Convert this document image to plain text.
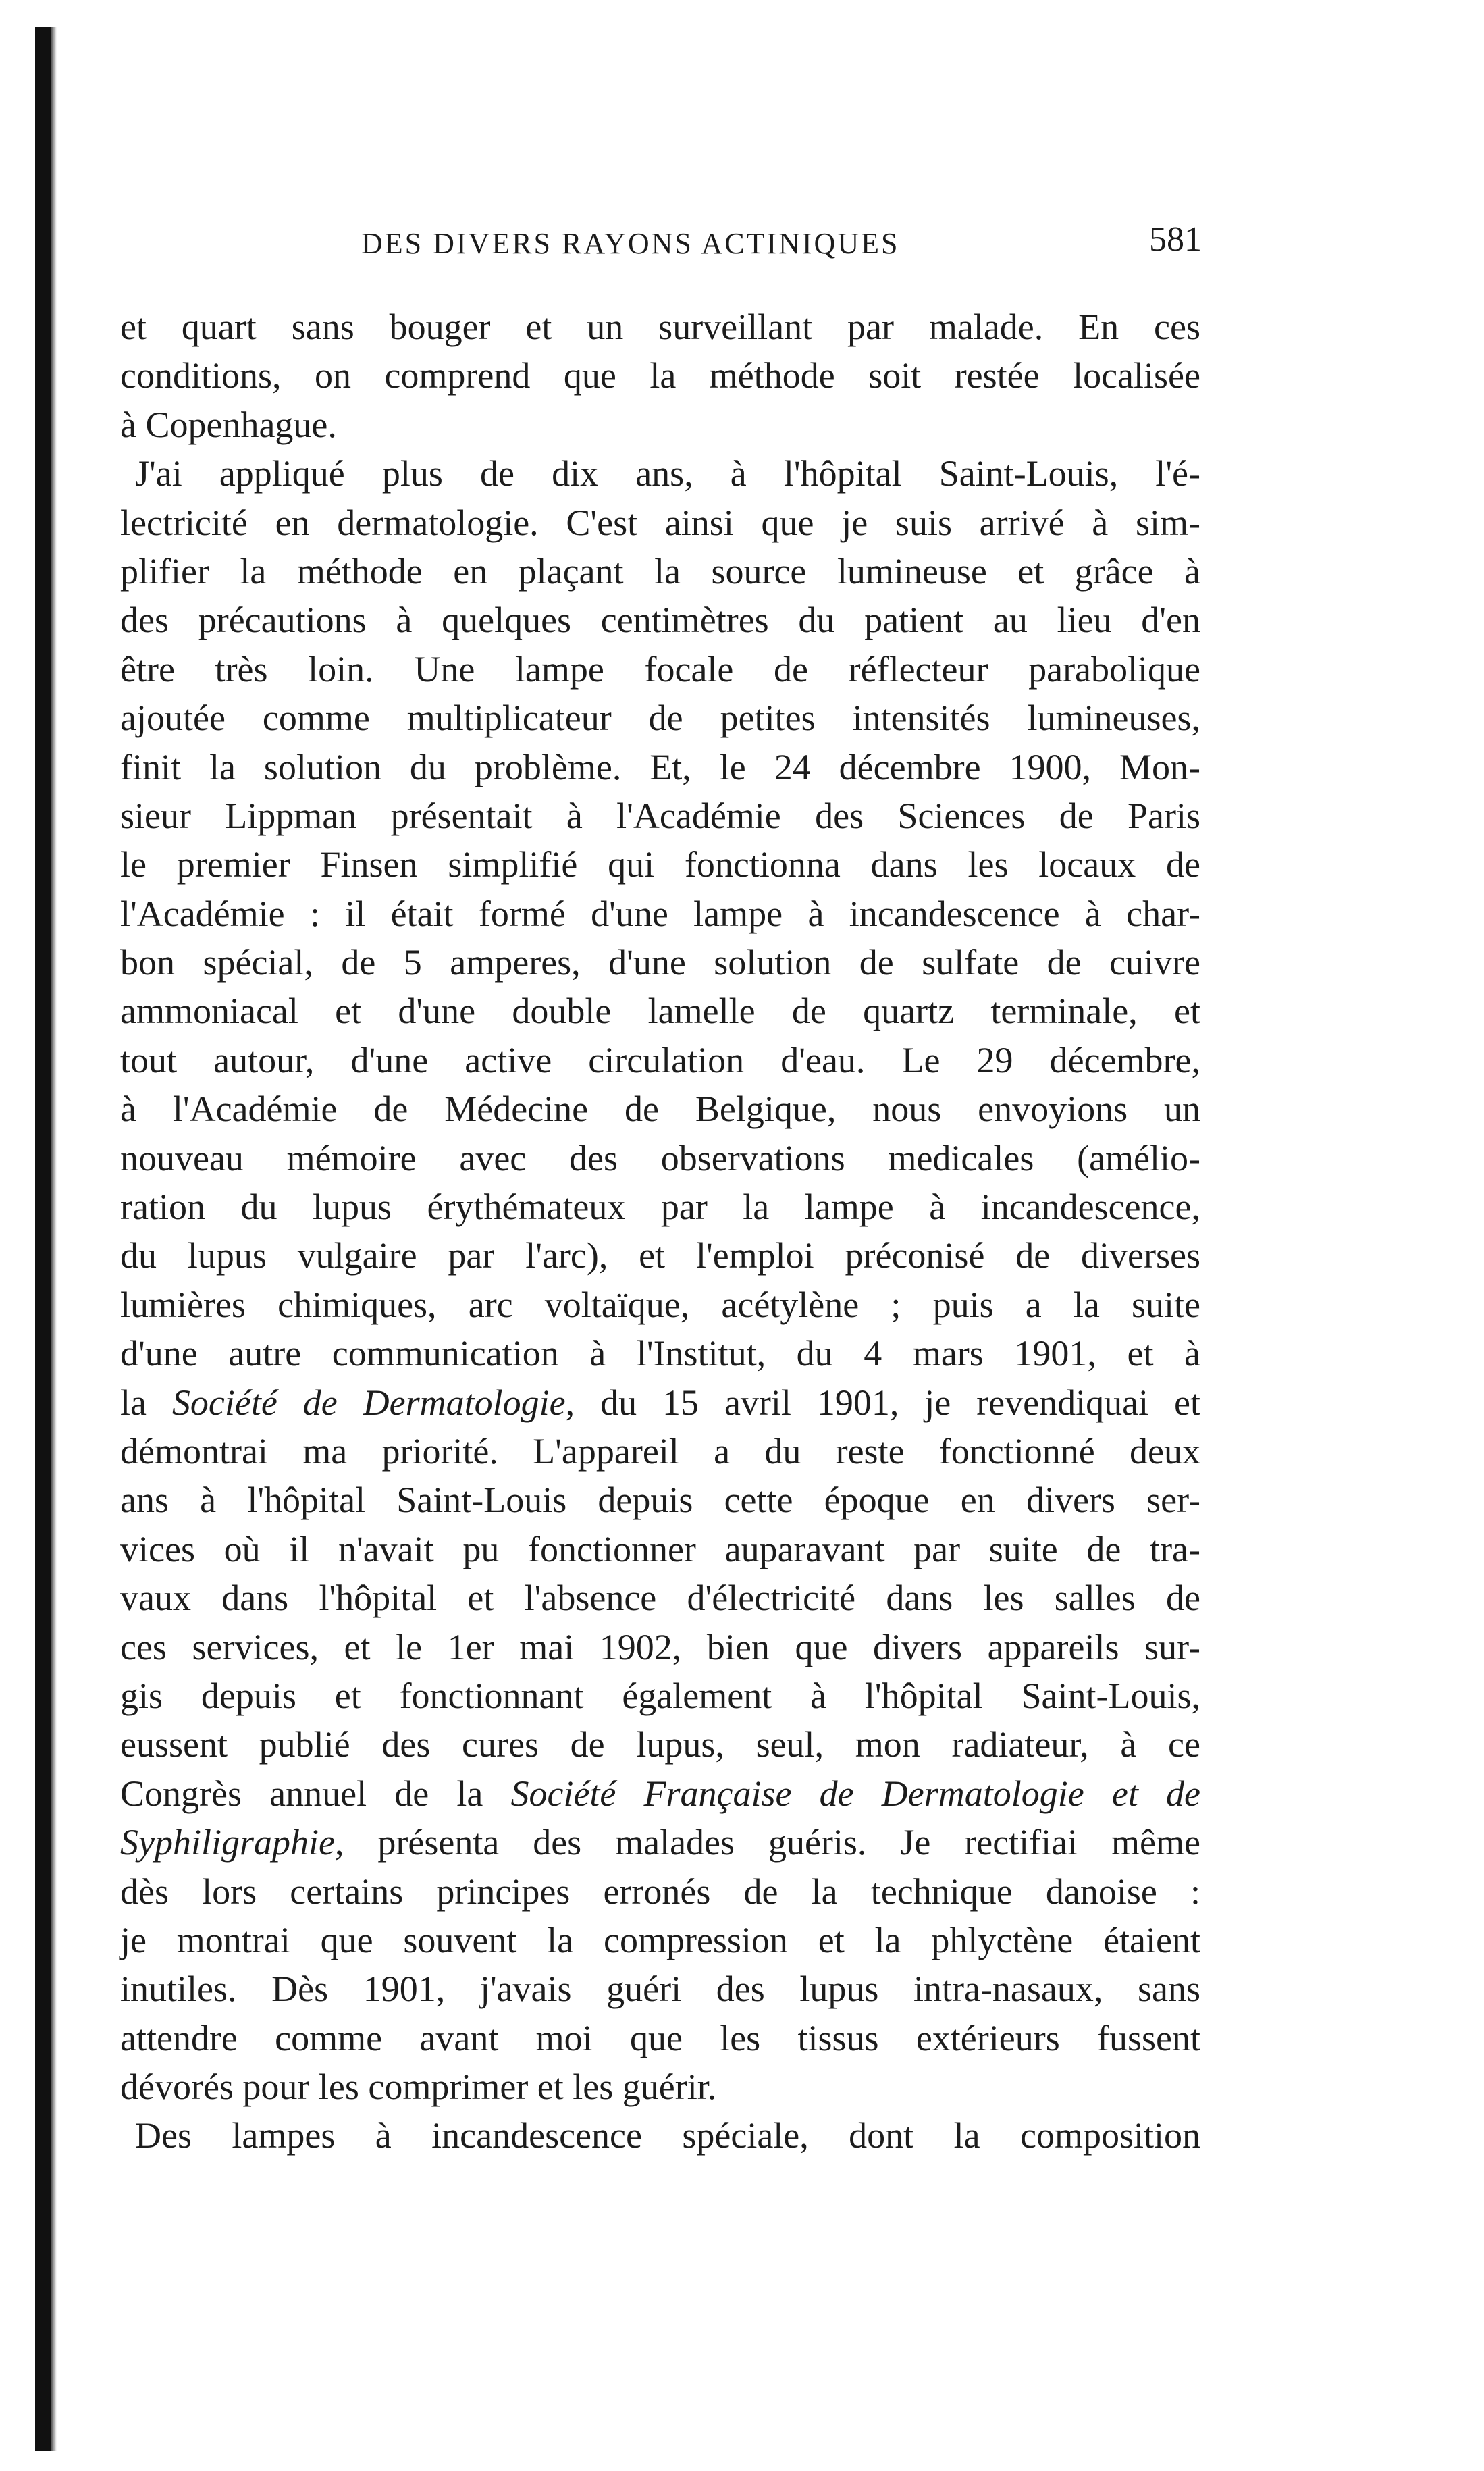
DES DIVERS RAYONS ACTINIQUES	581
et quart sans bouger et un surveillant par malade. En ces
conditions, on comprend que la méthode soit restée localisée
à Copenhague.
J'ai appliqué plus de dix ans, à l'hôpital Saint-Louis, l'é-
lectricité en dermatologie. C'est ainsi que je suis arrivé à sim-
plifier la méthode en plaçant la source lumineuse et grâce à
des précautions à quelques centimètres du patient au lieu d'en
être très loin. Une lampe focale de réflecteur parabolique
ajoutée comme multiplicateur de petites intensités lumineuses,
finit la solution du problème. Et, le 24 décembre 1900, Mon-
sieur Lippman présentait à l'Académie des Sciences de Paris
le premier Finsen simplifié qui fonctionna dans les locaux de
l'Académie : il était formé d'une lampe à incandescence à char-
bon spécial, de 5 amperes, d'une solution de sulfate de cuivre
ammoniacal et d'une double lamelle de quartz terminale, et
tout autour, d'une active circulation d'eau. Le 29 décembre,
à l'Académie de Médecine de Belgique, nous envoyions un
nouveau mémoire avec des observations medicales (amélio-
ration du lupus érythémateux par la lampe à incandescence,
du lupus vulgaire par l'arc), et l'emploi préconisé de diverses
lumières chimiques, arc voltaïque, acétylène ; puis a la suite
d'une autre communication à l'Institut, du 4 mars 1901, et à
la Société de Dermatologie, du 15 avril 1901, je revendiquai et
démontrai ma priorité. L'appareil a du reste fonctionné deux
ans à l'hôpital Saint-Louis depuis cette époque en divers ser-
vices où il n'avait pu fonctionner auparavant par suite de tra-
vaux dans l'hôpital et l'absence d'électricité dans les salles de
ces services, et le 1er mai 1902, bien que divers appareils sur-
gis depuis et fonctionnant également à l'hôpital Saint-Louis,
eussent publié des cures de lupus, seul, mon radiateur, à ce
Congrès annuel de la Société Française de Dermatologie et de
Syphiligraphie, présenta des malades guéris. Je rectifiai même
dès lors certains principes erronés de la technique danoise :
je montrai que souvent la compression et la phlyctène étaient
inutiles. Dès 1901, j'avais guéri des lupus intra-nasaux, sans
attendre comme avant moi que les tissus extérieurs fussent
dévorés pour les comprimer et les guérir.
Des lampes à incandescence spéciale, dont la composition
